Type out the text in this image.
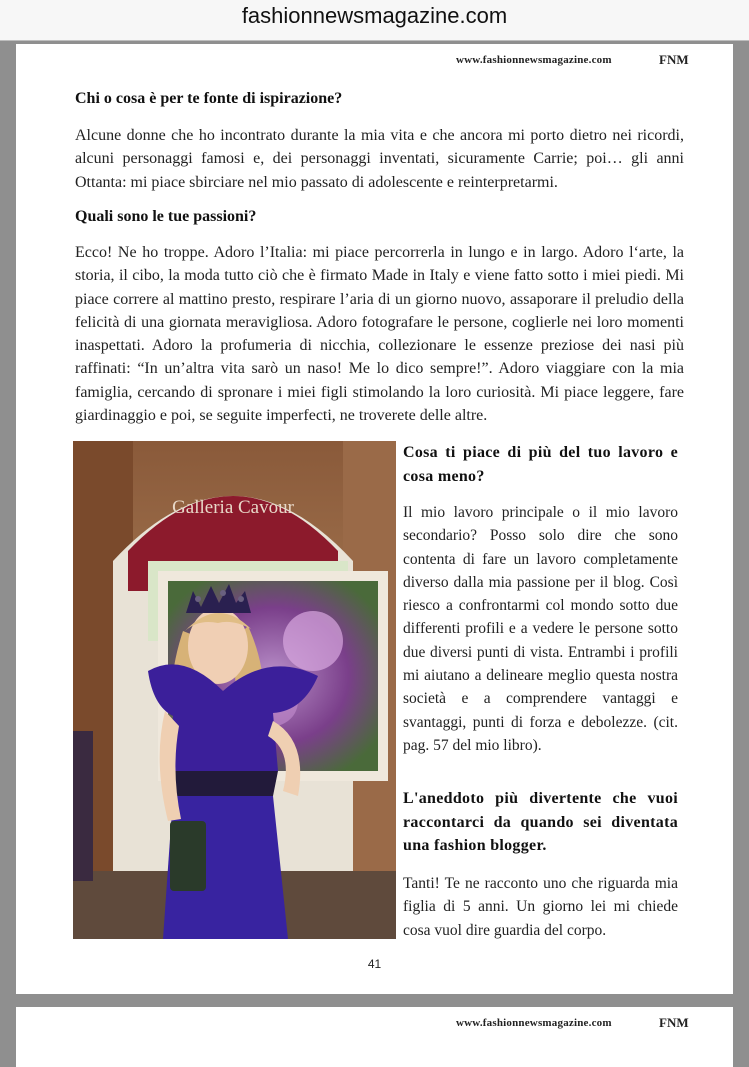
fashionnewsmagazine.com
www.fashionnewsmagazine.com	FNM

Chi o cosa è per te fonte di ispirazione?

Alcune donne che ho incontrato durante la mia vita e che ancora mi porto dietro nei ricordi, alcuni personaggi famosi e, dei personaggi inventati, sicuramente Carrie; poi… gli anni Ottanta: mi piace sbirciare nel mio passato di adolescente e reinterpretarmi.

Quali sono le tue passioni?

Ecco! Ne ho troppe. Adoro l’Italia: mi piace percorrerla in lungo e in largo. Adoro l‘arte, la storia, il cibo, la moda tutto ciò che è firmato Made in Italy e viene fatto sotto i miei piedi. Mi piace correre al mattino presto, respirare l’aria di un giorno nuovo, assaporare il preludio della felicità di una giornata meravigliosa. Adoro fotografare le persone, coglierle nei loro momenti inaspettati. Adoro la profumeria di nicchia, collezionare le essenze preziose dei nasi più raffinati: “In un’altra vita sarò un naso! Me lo dico sempre!”. Adoro viaggiare con la mia famiglia, cercando di spronare i miei figli stimolando la loro curiosità. Mi piace leggere, fare giardinaggio e poi, se seguite imperfecti, ne troverete delle altre.

Galleria Cavour

Cosa ti piace di più del tuo lavoro e cosa meno?

Il mio lavoro principale o il mio lavoro secondario? Posso solo dire che sono contenta di fare un lavoro completamente diverso dalla mia passione per il blog. Così riesco a confrontarmi col mondo sotto due differenti profili e a vedere le persone sotto due diversi punti di vista. Entrambi i profili mi aiutano a delineare meglio questa nostra società e a comprendere vantaggi e svantaggi, punti di forza e debolezze. (cit. pag. 57 del mio libro).

L'aneddoto più divertente che vuoi raccontarci da quando sei diventata una fashion blogger.

Tanti! Te ne racconto uno che riguarda mia figlia di 5 anni. Un giorno lei mi chiede cosa vuol dire guardia del corpo.

41
www.fashionnewsmagazine.com	FNM
